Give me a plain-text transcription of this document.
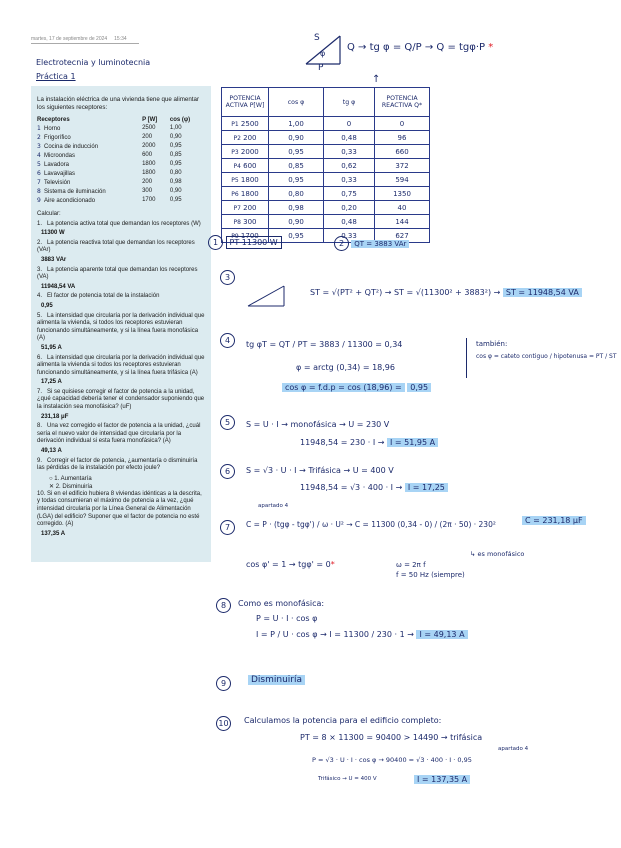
martes, 17 de septiembre de 2024 15:34
Electrotecnia y luminotecnia
Práctica 1
La instalación eléctrica de una vivienda tiene que alimentar los siguientes receptores:
Receptores	P [W]	cos (φ)
1 Horno	2500	1,00
2 Frigorífico	200	0,90
3 Cocina de inducción	2000	0,95
4 Microondas	600	0,85
5 Lavadora	1800	0,95
6 Lavavajillas	1800	0,80
7 Televisión	200	0,98
8 Sistema de iluminación	300	0,90
9 Aire acondicionado	1700	0,95
Calcular:
1. La potencia activa total que demandan los receptores (W)
11300 W
2. La potencia reactiva total que demandan los receptores (VAr)
3883 VAr
3. La potencia aparente total que demandan los receptores (VA)
11948,54 VA
4. El factor de potencia total de la instalación
0,95
5. La intensidad que circularía por la derivación individual que alimenta la vivienda, si todos los receptores estuvieran funcionando simultáneamente, y si la línea fuera monofásica (A)
51,95 A
6. La intensidad que circularía por la derivación individual que alimenta la vivienda si todos los receptores estuvieran funcionando simultáneamente, y si la línea fuera trifásica (A)
17,25 A
7. Si se quisiese corregir el factor de potencia a la unidad, ¿qué capacidad debería tener el condensador suponiendo que la instalación sea monofásica? (uF)
231,18 μF
8. Una vez corregido el factor de potencia a la unidad, ¿cuál sería el nuevo valor de intensidad que circularía por la derivación individual si esta fuera monofásica? (A)
49,13 A
9. Corregir el factor de potencia, ¿aumentaría o disminuiría las pérdidas de la instalación por efecto joule?
○ 1. Aumentaría
✕ 2. Disminuiría
10. Si en el edificio hubiera 8 viviendas idénticas a la descrita, y todas consumieran el máximo de potencia a la vez, ¿qué intensidad circularía por la Línea General de Alimentación (LGA) del edificio? Suponer que el factor de potencia no esté corregido. (A)
137,35 A
S
φ
P
Q → tg φ = Q/P → Q = tgφ·P *
↑
POTENCIA ACTIVA P[W]	cos φ	tg φ	POTENCIA REACTIVA Q*
P1 2500	1,00	0	0
P2 200	0,90	0,48	96
P3 2000	0,95	0,33	660
P4 600	0,85	0,62	372
P5 1800	0,95	0,33	594
P6 1800	0,80	0,75	1350
P7 200	0,98	0,20	40
P8 300	0,90	0,48	144
P9 1700	0,95	0,33	627
1 PT 11300 W	2 QT = 3883 VAr
3
ST = √(PT² + QT²) → ST = √(11300² + 3883²) → ST = 11948,54 VA
4	tg φT = QT / PT = 3883 / 11300 = 0,34
φ = arctg (0,34) = 18,96
cos φ = f.d.p = cos (18,96) = 0,95
también:
cos φ = cateto contiguo / hipotenusa = PT / ST
5	S = U · I → monofásica → U = 230 V
11948,54 = 230 · I → I = 51,95 A
6	S = √3 · U · I → Trifásica → U = 400 V
11948,54 = √3 · 400 · I → I = 17,25
apartado 4
7	C = P · (tgφ - tgφ') / ω · U² → C = 11300 (0,34 - 0) / (2π · 50) · 230²	C = 231,18 μF
↳ es monofásico
cos φ' = 1 → tgφ' = 0*	ω = 2π f
f = 50 Hz (siempre)
8	Como es monofásica:
P = U · I · cos φ
I = P / U · cos φ → I = 11300 / 230 · 1 → I = 49,13 A
9	Disminuiría
10	Calculamos la potencia para el edificio completo:
PT = 8 × 11300 = 90400 > 14490 → trifásica
apartado 4
P = √3 · U · I · cos φ → 90400 = √3 · 400 · I · 0,95
Trifásico → U = 400 V	I = 137,35 A
